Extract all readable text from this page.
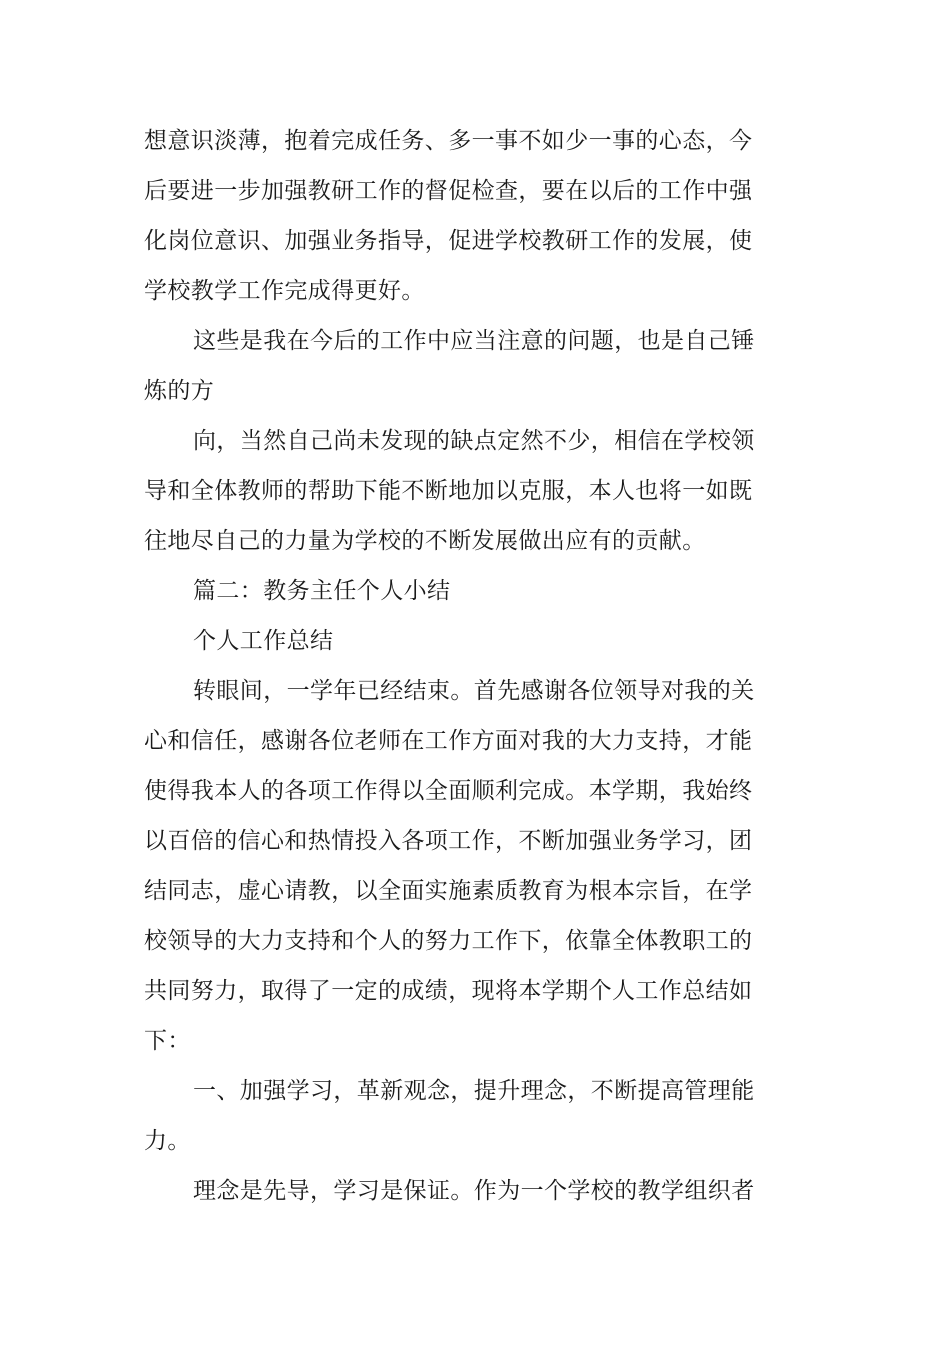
想意识淡薄，抱着完成任务、多一事不如少一事的心态，今
后要进一步加强教研工作的督促检查，要在以后的工作中强
化岗位意识、加强业务指导，促进学校教研工作的发展，使
学校教学工作完成得更好。
这些是我在今后的工作中应当注意的问题，也是自己锤
炼的方
向，当然自己尚未发现的缺点定然不少，相信在学校领
导和全体教师的帮助下能不断地加以克服，本人也将一如既
往地尽自己的力量为学校的不断发展做出应有的贡献。
篇二：教务主任个人小结
个人工作总结
转眼间，一学年已经结束。首先感谢各位领导对我的关
心和信任，感谢各位老师在工作方面对我的大力支持，才能
使得我本人的各项工作得以全面顺利完成。本学期，我始终
以百倍的信心和热情投入各项工作，不断加强业务学习，团
结同志，虚心请教，以全面实施素质教育为根本宗旨，在学
校领导的大力支持和个人的努力工作下，依靠全体教职工的
共同努力，取得了一定的成绩，现将本学期个人工作总结如
下：
一、加强学习，革新观念，提升理念，不断提高管理能
力。
理念是先导，学习是保证。作为一个学校的教学组织者
